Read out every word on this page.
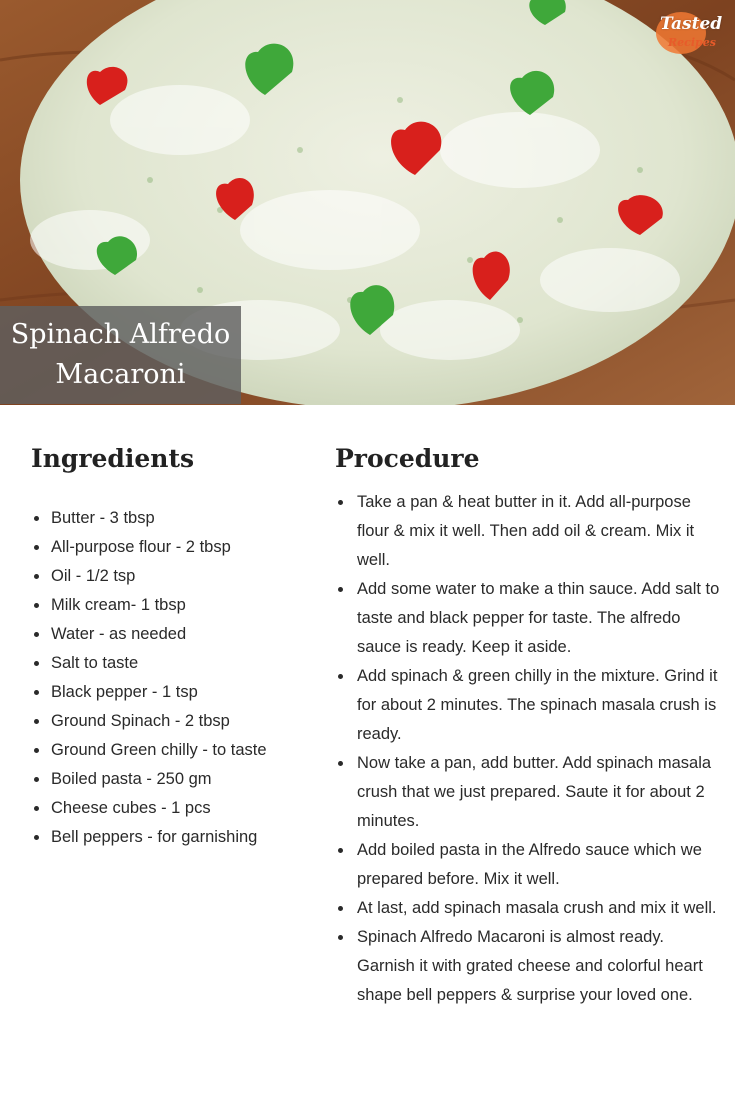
Tasted
Recipes
Spinach Alfredo
Macaroni
Ingredients
Butter - 3 tbsp
All-purpose flour - 2 tbsp
Oil - 1/2 tsp
Milk cream- 1 tbsp
Water - as needed
Salt to taste
Black pepper - 1 tsp
Ground Spinach - 2 tbsp
Ground Green chilly - to taste
Boiled pasta - 250 gm
Cheese cubes - 1 pcs
Bell peppers - for garnishing
Procedure
Take a pan & heat butter in it. Add all-purpose flour & mix it well. Then add oil & cream. Mix it well.
Add some water to make a thin sauce. Add salt to taste and black pepper for taste. The alfredo sauce is ready. Keep it aside.
Add spinach & green chilly in the mixture. Grind it for about 2 minutes. The spinach masala crush is ready.
Now take a pan, add butter. Add spinach masala crush that we just prepared. Saute it for about 2 minutes.
Add boiled pasta in the Alfredo sauce which we prepared before. Mix it well.
At last, add spinach masala crush and mix it well.
Spinach Alfredo Macaroni is almost ready. Garnish it with grated cheese and colorful heart shape bell peppers & surprise your loved one.
